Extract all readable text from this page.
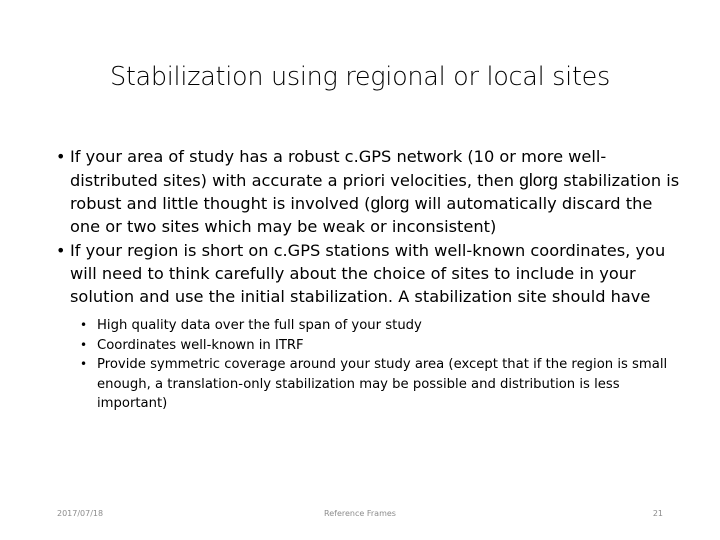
Stabilization using regional or local sites

• If your area of study has a robust c.GPS network (10 or more well-distributed sites) with accurate a priori velocities, then glorg stabilization is robust and little thought is involved (glorg will automatically discard the one or two sites which may be weak or inconsistent)

• If your region is short on c.GPS stations with well-known coordinates, you will need to think carefully about the choice of sites to include in your solution and use the initial stabilization. A stabilization site should have

• High quality data over the full span of your study

• Coordinates well-known in ITRF

• Provide symmetric coverage around your study area (except that if the region is small enough, a translation-only stabilization may be possible and distribution is less important)

2017/07/18	Reference Frames	21
